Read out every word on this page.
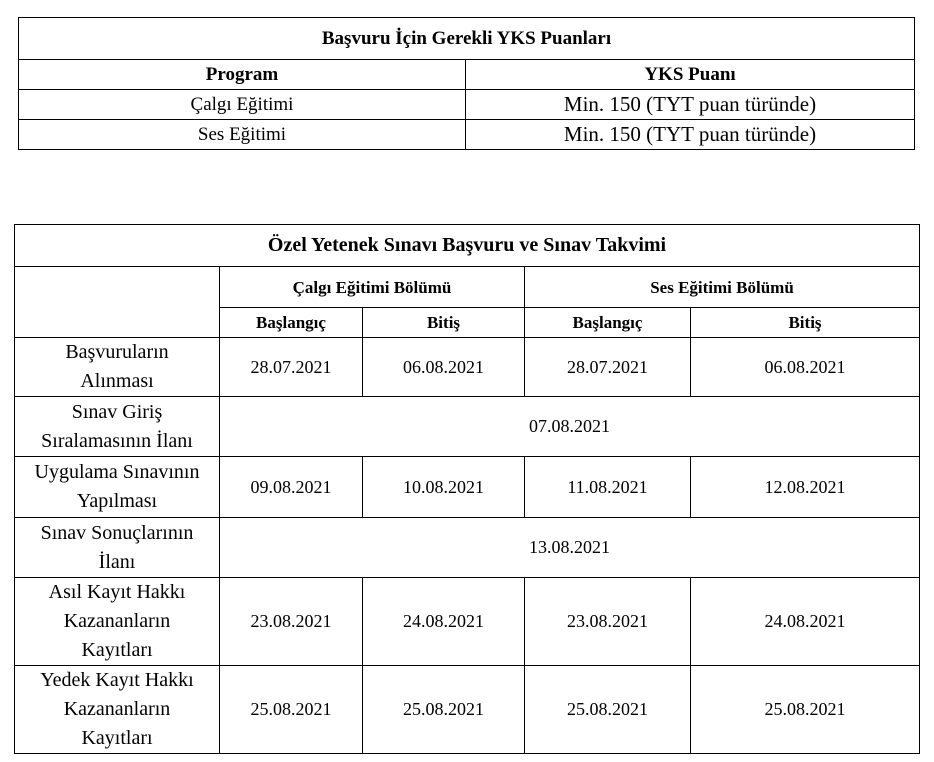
Başvuru İçin Gerekli YKS Puanları	
Program	YKS Puanı
Çalgı Eğitimi	Min. 150 (TYT puan türünde)
Ses Eğitimi	Min. 150 (TYT puan türünde)
Özel Yetenek Sınavı Başvuru ve Sınav Takvimi				
	Çalgı Eğitimi Bölümü		Ses Eğitimi Bölümü	
	Başlangıç	Bitiş	Başlangıç	Bitiş

Başvuruların
Alınması	28.07.2021	06.08.2021	28.07.2021	06.08.2021

Sınav Giriş
Sıralamasının İlanı	07.08.2021			

Uygulama Sınavının
Yapılması	09.08.2021	10.08.2021	11.08.2021	12.08.2021

Sınav Sonuçlarının
İlanı	13.08.2021			

Asıl Kayıt Hakkı
Kazananların
Kayıtları	23.08.2021	24.08.2021	23.08.2021	24.08.2021

Yedek Kayıt Hakkı
Kazananların
Kayıtları	25.08.2021	25.08.2021	25.08.2021	25.08.2021
